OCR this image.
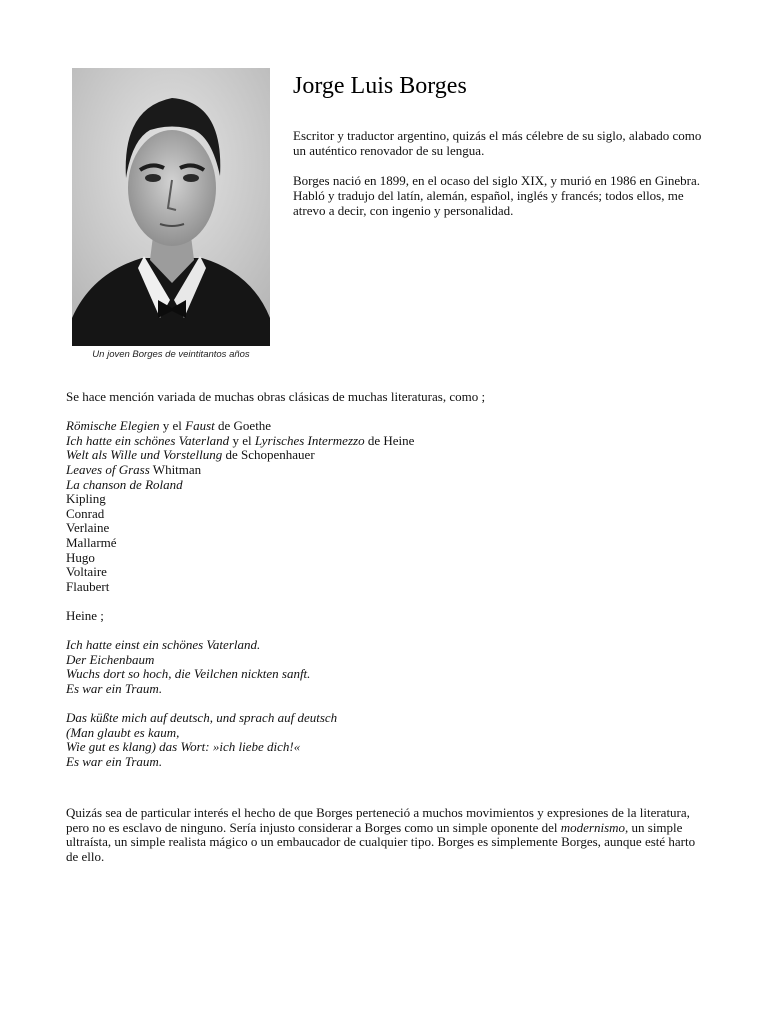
Un joven Borges de veintitantos años
Jorge Luis Borges

Escritor y traductor argentino, quizás el más célebre de su siglo, alabado como un auténtico renovador de su lengua.

Borges nació en 1899, en el ocaso del siglo XIX, y murió en 1986 en Ginebra. Habló y tradujo del latín, alemán, español, inglés y francés; todos ellos, me atrevo a decir, con ingenio y personalidad.

Se hace mención variada de muchas obras clásicas de muchas literaturas, como ;
Römische Elegien y el Faust de Goethe
Ich hatte ein schönes Vaterland y el Lyrisches Intermezzo de Heine
Welt als Wille und Vorstellung de Schopenhauer
Leaves of Grass Whitman
La chanson de Roland
Kipling
Conrad
Verlaine
Mallarmé
Hugo
Voltaire
Flaubert
Heine ;
Ich hatte einst ein schönes Vaterland.
Der Eichenbaum
Wuchs dort so hoch, die Veilchen nickten sanft.
Es war ein Traum.
Das küßte mich auf deutsch, und sprach auf deutsch
(Man glaubt es kaum,
Wie gut es klang) das Wort: »ich liebe dich!«
Es war ein Traum.
Quizás sea de particular interés el hecho de que Borges perteneció a muchos movimientos y expresiones de la literatura, pero no es esclavo de ninguno. Sería injusto considerar a Borges como un simple oponente del modernismo, un simple ultraísta, un simple realista mágico o un embaucador de cualquier tipo. Borges es simplemente Borges, aunque esté harto de ello.
